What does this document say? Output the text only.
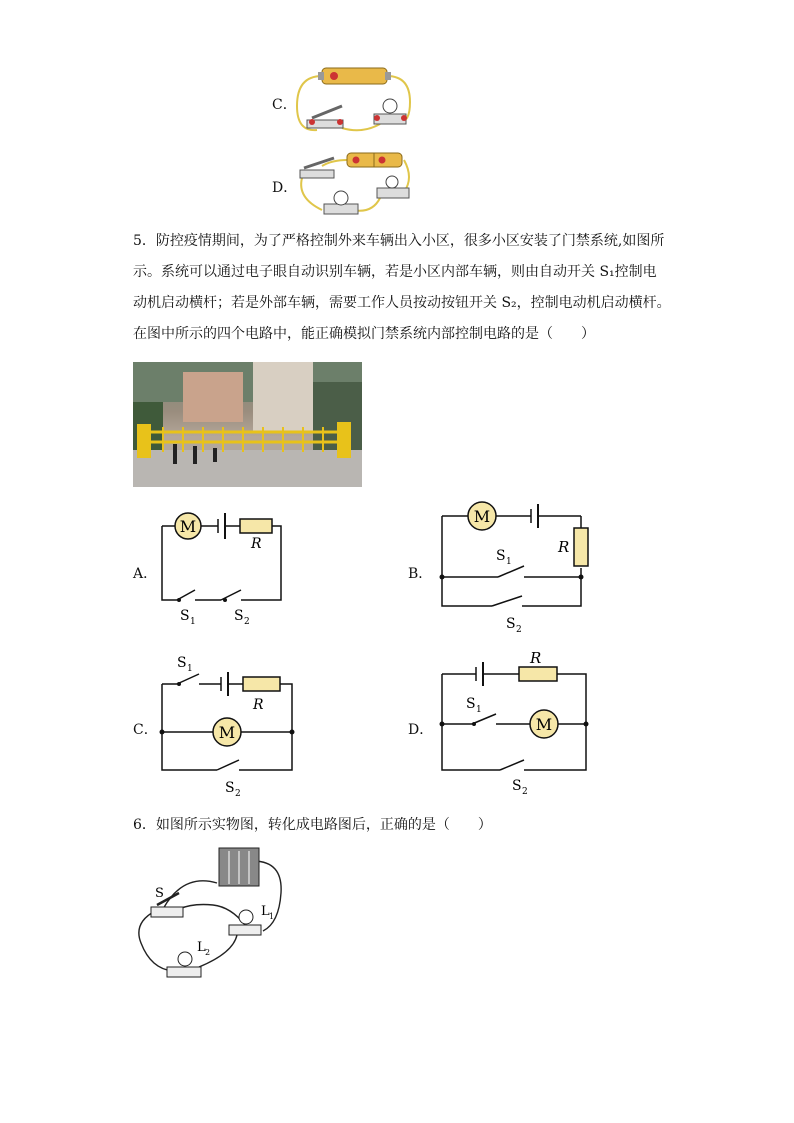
C．
D．
5．防控疫情期间，为了严格控制外来车辆出入小区，很多小区安装了门禁系统,如图所
示。系统可以通过电子眼自动识别车辆，若是小区内部车辆，则由自动开关 S₁控制电
动机启动横杆；若是外部车辆，需要工作人员按动按钮开关 S₂，控制电动机启动横杆。
在图中所示的四个电路中，能正确模拟门禁系统内部控制电路的是（　　）
A．
M
R
S 1	S 2
B．
M
R
S 1
S 2
C．	M
R
S 1
S 2
D．	M
R
S 1
S 2
6．如图所示实物图，转化成电路图后，正确的是（　　）
S
L 1
L 2
